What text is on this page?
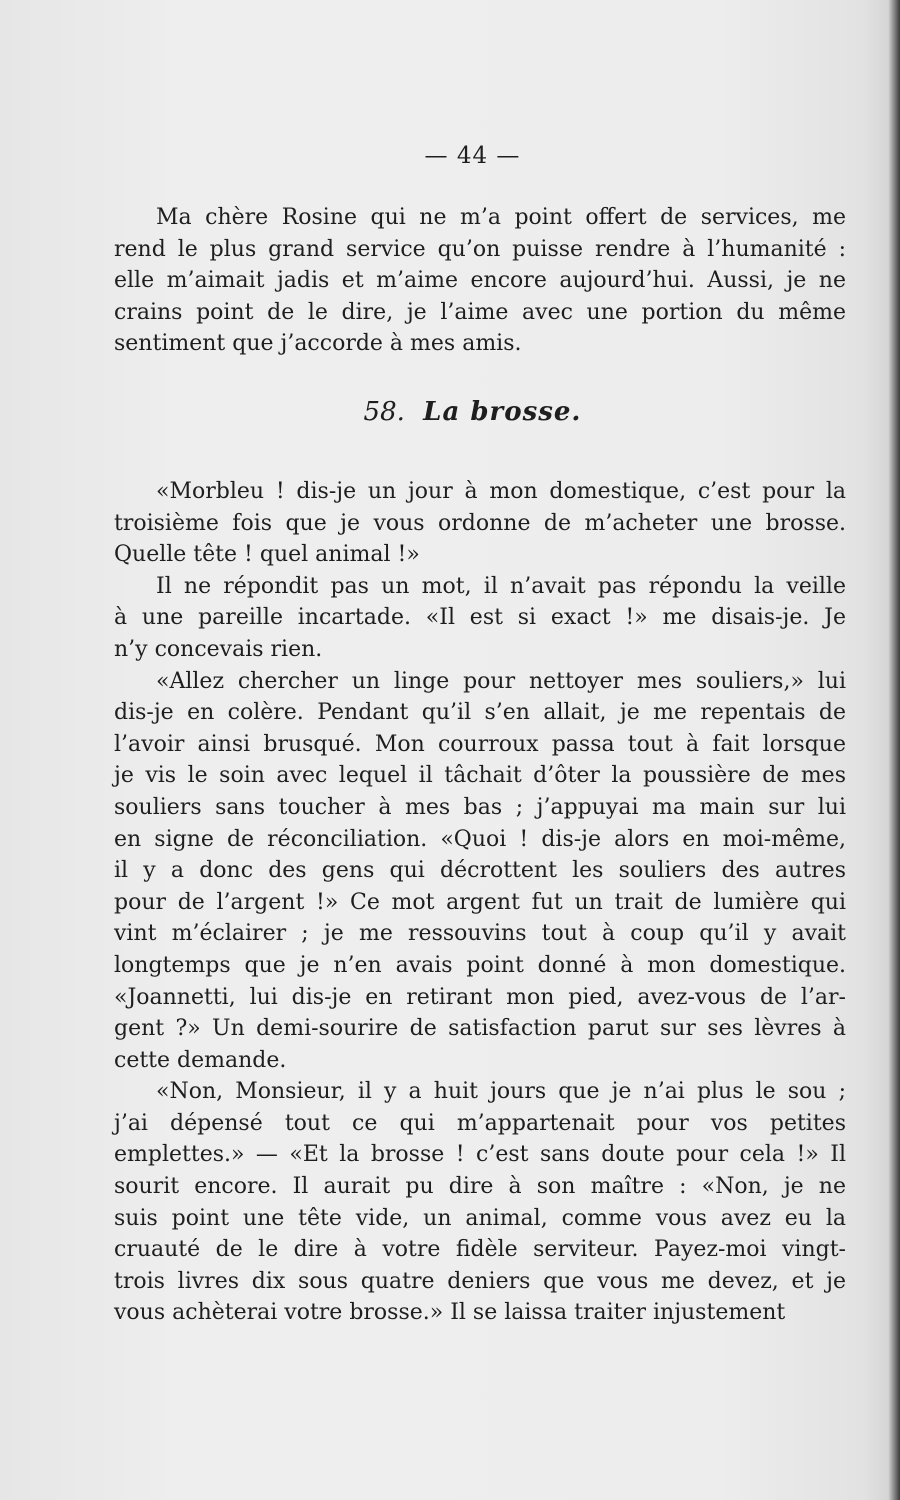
— 44 —
Ma chère Rosine qui ne m’a point offert de services, me
rend le plus grand service qu’on puisse rendre à l’humanité :
elle m’aimait jadis et m’aime encore aujourd’hui. Aussi, je ne
crains point de le dire, je l’aime avec une portion du même
sentiment que j’accorde à mes amis.
58. La brosse.
«Morbleu ! dis-je un jour à mon domestique, c’est pour la
troisième fois que je vous ordonne de m’acheter une brosse.
Quelle tête ! quel animal !»
Il ne répondit pas un mot, il n’avait pas répondu la veille
à une pareille incartade. «Il est si exact !» me disais-je. Je
n’y concevais rien.
«Allez chercher un linge pour nettoyer mes souliers,» lui
dis-je en colère. Pendant qu’il s’en allait, je me repentais de
l’avoir ainsi brusqué. Mon courroux passa tout à fait lorsque
je vis le soin avec lequel il tâchait d’ôter la poussière de mes
souliers sans toucher à mes bas ; j’appuyai ma main sur lui
en signe de réconciliation. «Quoi ! dis-je alors en moi-même,
il y a donc des gens qui décrottent les souliers des autres
pour de l’argent !» Ce mot argent fut un trait de lumière qui
vint m’éclairer ; je me ressouvins tout à coup qu’il y avait
longtemps que je n’en avais point donné à mon domestique.
«Joannetti, lui dis-je en retirant mon pied, avez-vous de l’ar-
gent ?» Un demi-sourire de satisfaction parut sur ses lèvres à
cette demande.
«Non, Monsieur, il y a huit jours que je n’ai plus le sou ;
j’ai dépensé tout ce qui m’appartenait pour vos petites
emplettes.» — «Et la brosse ! c’est sans doute pour cela !» Il
sourit encore. Il aurait pu dire à son maître : «Non, je ne
suis point une tête vide, un animal, comme vous avez eu la
cruauté de le dire à votre fidèle serviteur. Payez-moi vingt-
trois livres dix sous quatre deniers que vous me devez, et je
vous achèterai votre brosse.» Il se laissa traiter injustement
